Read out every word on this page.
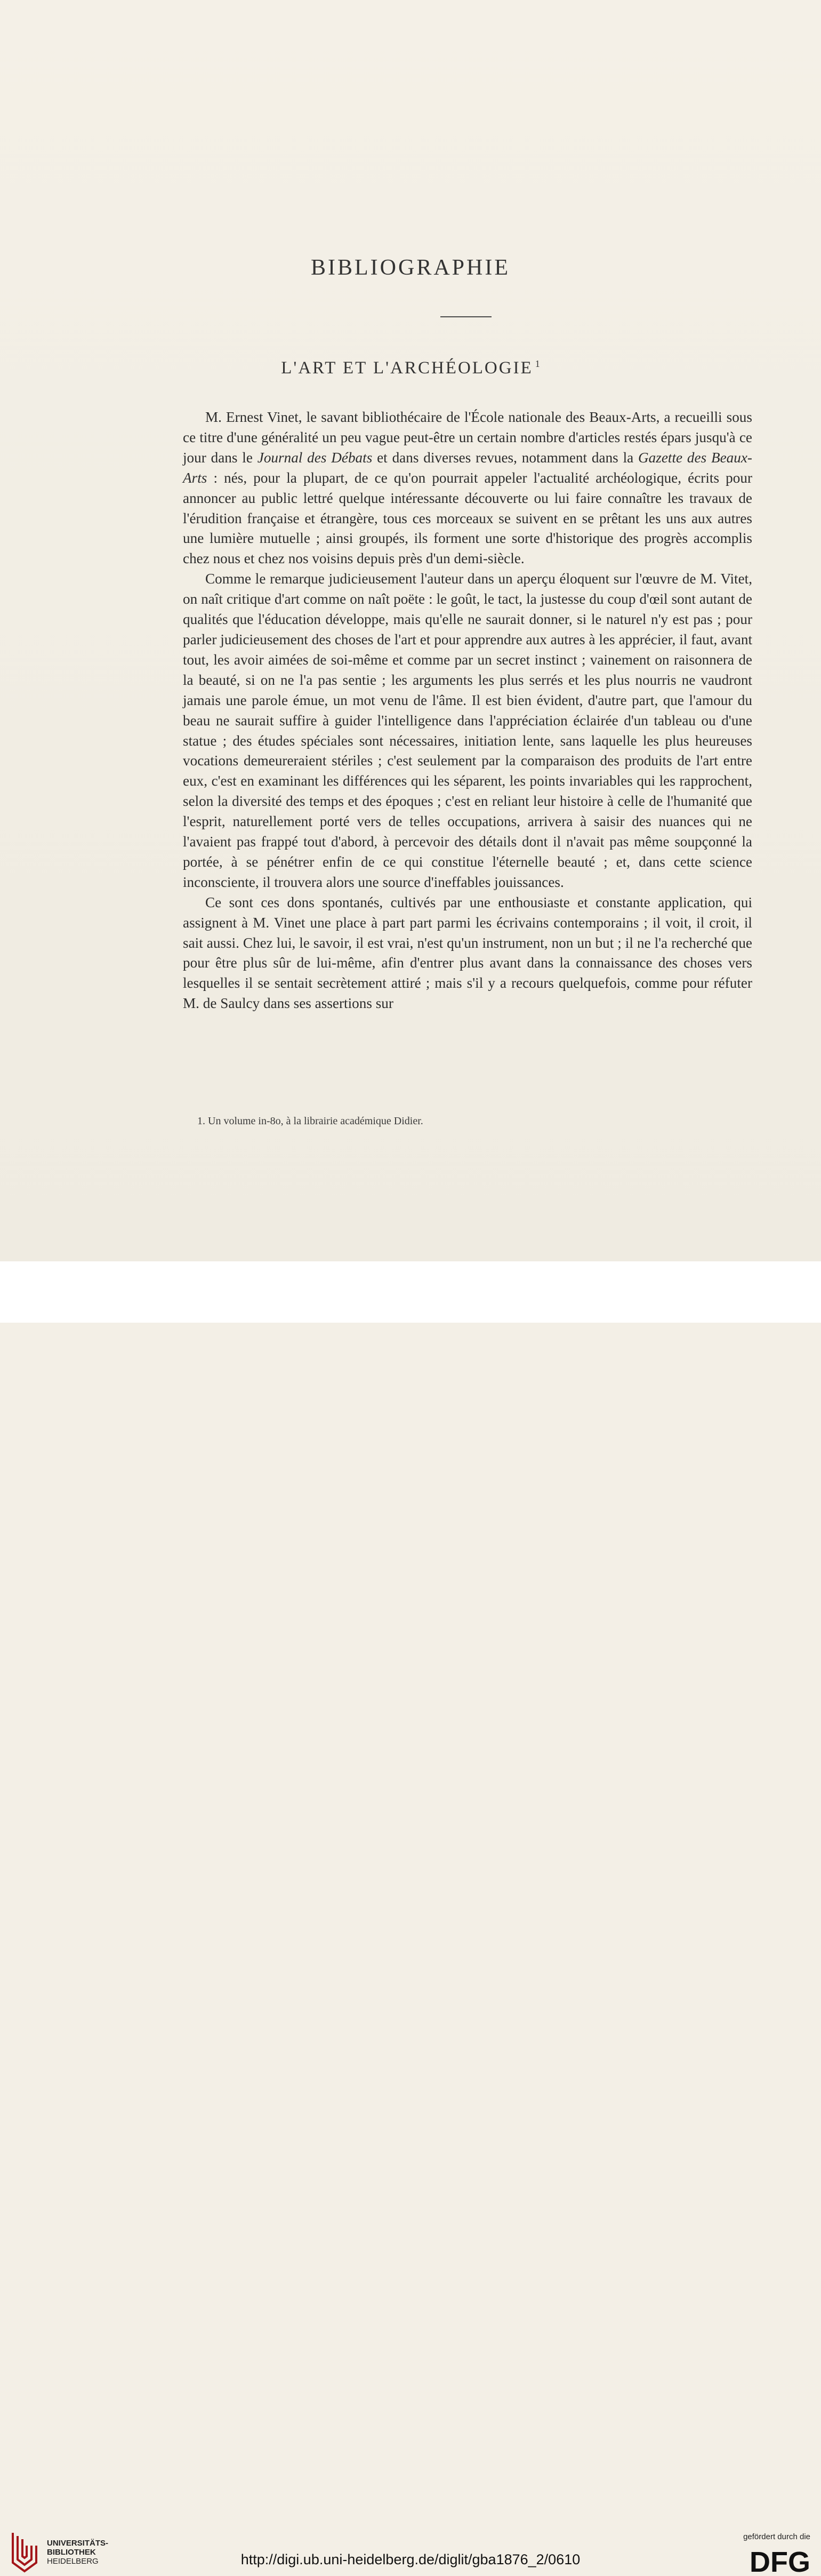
BIBLIOGRAPHIE
L'ART ET L'ARCHÉOLOGIE $^1$

M. Ernest Vinet, le savant bibliothécaire de l'École nationale des Beaux-Arts, a recueilli sous ce titre d'une généralité un peu vague peut-être un certain nombre d'articles restés épars jusqu'à ce jour dans le Journal des Débats et dans diverses revues, notamment dans la Gazette des Beaux-Arts : nés, pour la plupart, de ce qu'on pourrait appeler l'actualité archéologique, écrits pour annoncer au public lettré quelque intéressante découverte ou lui faire connaître les travaux de l'érudition française et étrangère, tous ces morceaux se suivent en se prêtant les uns aux autres une lumière mutuelle ; ainsi groupés, ils forment une sorte d'historique des progrès accomplis chez nous et chez nos voisins depuis près d'un demi-siècle.

Comme le remarque judicieusement l'auteur dans un aperçu éloquent sur l'œuvre de M. Vitet, on naît critique d'art comme on naît poëte : le goût, le tact, la justesse du coup d'œil sont autant de qualités que l'éducation développe, mais qu'elle ne saurait donner, si le naturel n'y est pas ; pour parler judicieusement des choses de l'art et pour apprendre aux autres à les apprécier, il faut, avant tout, les avoir aimées de soi-même et comme par un secret instinct ; vainement on raisonnera de la beauté, si on ne l'a pas sentie ; les arguments les plus serrés et les plus nourris ne vaudront jamais une parole émue, un mot venu de l'âme. Il est bien évident, d'autre part, que l'amour du beau ne saurait suffire à guider l'intelligence dans l'appréciation éclairée d'un tableau ou d'une statue ; des études spéciales sont nécessaires, initiation lente, sans laquelle les plus heureuses vocations demeureraient stériles ; c'est seulement par la comparaison des produits de l'art entre eux, c'est en examinant les différences qui les séparent, les points invariables qui les rapprochent, selon la diversité des temps et des époques ; c'est en reliant leur histoire à celle de l'humanité que l'esprit, naturellement porté vers de telles occupations, arrivera à saisir des nuances qui ne l'avaient pas frappé tout d'abord, à percevoir des détails dont il n'avait pas même soupçonné la portée, à se pénétrer enfin de ce qui constitue l'éternelle beauté ; et, dans cette science inconsciente, il trouvera alors une source d'ineffables jouissances.

Ce sont ces dons spontanés, cultivés par une enthousiaste et constante application, qui assignent à M. Vinet une place à part part parmi les écrivains contemporains ; il voit, il croit, il sait aussi. Chez lui, le savoir, il est vrai, n'est qu'un instrument, non un but ; il ne l'a recherché que pour être plus sûr de lui-même, afin d'entrer plus avant dans la connaissance des choses vers lesquelles il se sentait secrètement attiré ; mais s'il y a recours quelquefois, comme pour réfuter M. de Saulcy dans ses assertions sur

1. Un volume in-8o, à la librairie académique Didier.
UNIVERSITÄTS-
BIBLIOTHEK
HEIDELBERG	http://digi.ub.uni-heidelberg.de/diglit/gba1876_2/0610
gefördert durch die
DFG
